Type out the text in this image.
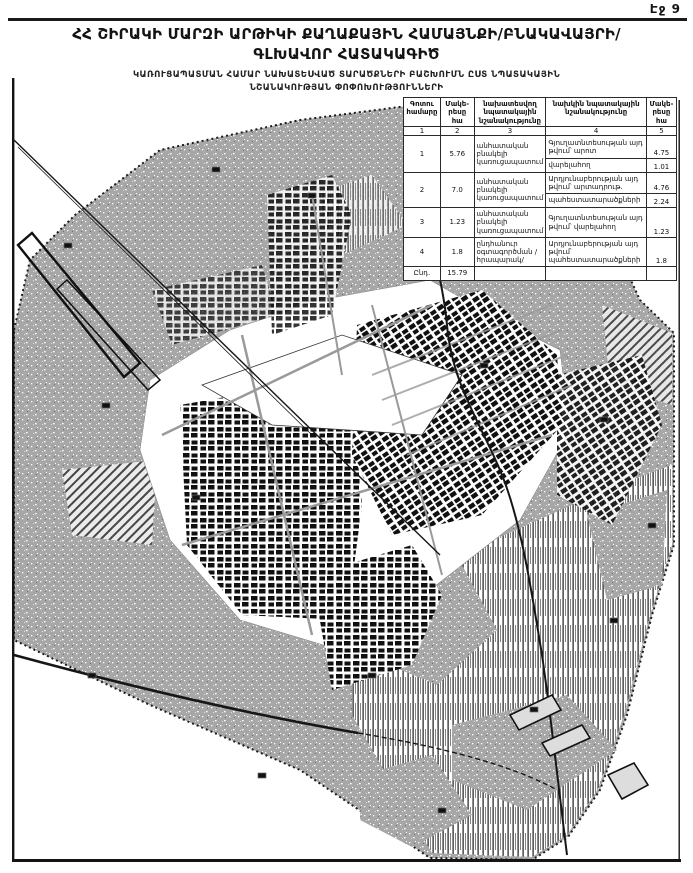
Էջ 9
ՀՀ ՇԻՐԱԿԻ ՄԱՐԶԻ ԱՐԹԻԿԻ ՔԱՂԱՔԱՅԻՆ ՀԱՄԱՅՆՔԻ/ԲՆԱԿԱՎԱՅՐԻ/
ԳԼԽԱՎՈՐ ՀԱՏԱԿԱԳԻԾ
ԿԱՌՈՒՑԱՊԱՏՄԱՆ ՀԱՄԱՐ ՆԱԽԱՏԵՍՎԱԾ ՏԱՐԱԾՔՆԵՐԻ ԲԱՇԽՈՒՄՆ ԸՍՏ ՆՊԱՏԱԿԱՅԻՆ
ՆՇԱՆԱԿՈՒԹՅԱՆ ՓՈՓՈԽՈՒԹՅՈՒՆՆԵՐԻ
Գոտու համարը	Մակե-րեսը հա	նախատեսվող նպատակային նշանակությունը	նախկին նպատակային նշանակությունը	Մակե-րեսը հա
1	2	3	4	5
1	5.76	անհատական բնակելի կառուցապատում	Գյուղատնտեսության այդ թվում՝ արոտ	4.75
			վարելահող	1.01
2	7.0	անհատական բնակելի կառուցապատում	Արդյունաբերության այդ թվում՝ արտադրութ.	4.76
			պահեստատարածքների	2.24
3	1.23	անհատական բնակելի կառուցապատում	Գյուղատնտեսության այդ թվում՝ վարելահող	1.23
4	1.8	ընդհանուր օգտագործման /հրապարակ/	Արդյունաբերության այդ թվում՝ պահեստատարածքների	1.8
Ընդ.	15.79			
